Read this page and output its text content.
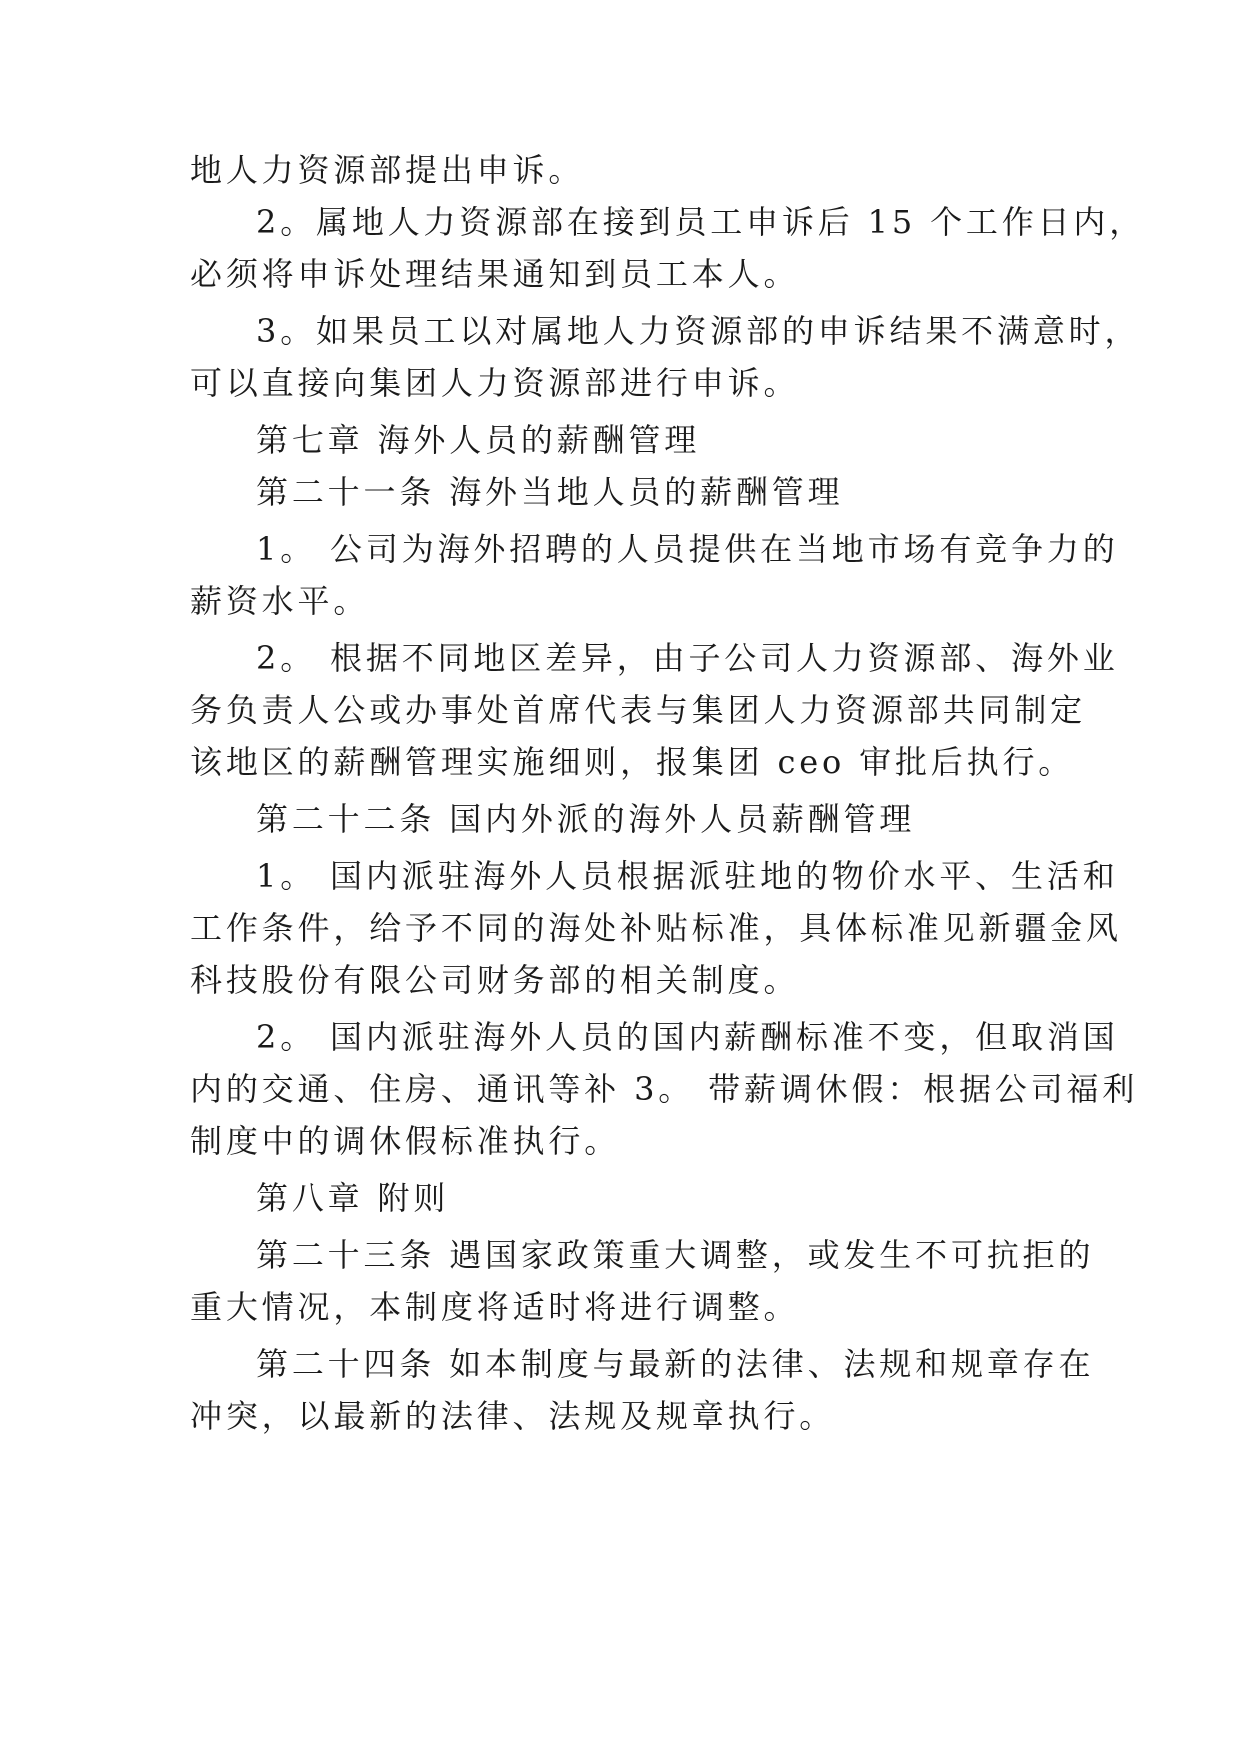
地人力资源部提出申诉。
2。属地人力资源部在接到员工申诉后 15 个工作日内，
必须将申诉处理结果通知到员工本人。
3。如果员工以对属地人力资源部的申诉结果不满意时，
可以直接向集团人力资源部进行申诉。
第七章 海外人员的薪酬管理
第二十一条 海外当地人员的薪酬管理
1。 公司为海外招聘的人员提供在当地市场有竞争力的
薪资水平。
2。 根据不同地区差异，由子公司人力资源部、海外业
务负责人公或办事处首席代表与集团人力资源部共同制定
该地区的薪酬管理实施细则，报集团 ceo 审批后执行。
第二十二条 国内外派的海外人员薪酬管理
1。 国内派驻海外人员根据派驻地的物价水平、生活和
工作条件，给予不同的海处补贴标准，具体标准见新疆金风
科技股份有限公司财务部的相关制度。
2。 国内派驻海外人员的国内薪酬标准不变，但取消国
内的交通、住房、通讯等补 3。 带薪调休假：根据公司福利
制度中的调休假标准执行。
第八章 附则
第二十三条 遇国家政策重大调整，或发生不可抗拒的
重大情况，本制度将适时将进行调整。
第二十四条 如本制度与最新的法律、法规和规章存在
冲突，以最新的法律、法规及规章执行。
